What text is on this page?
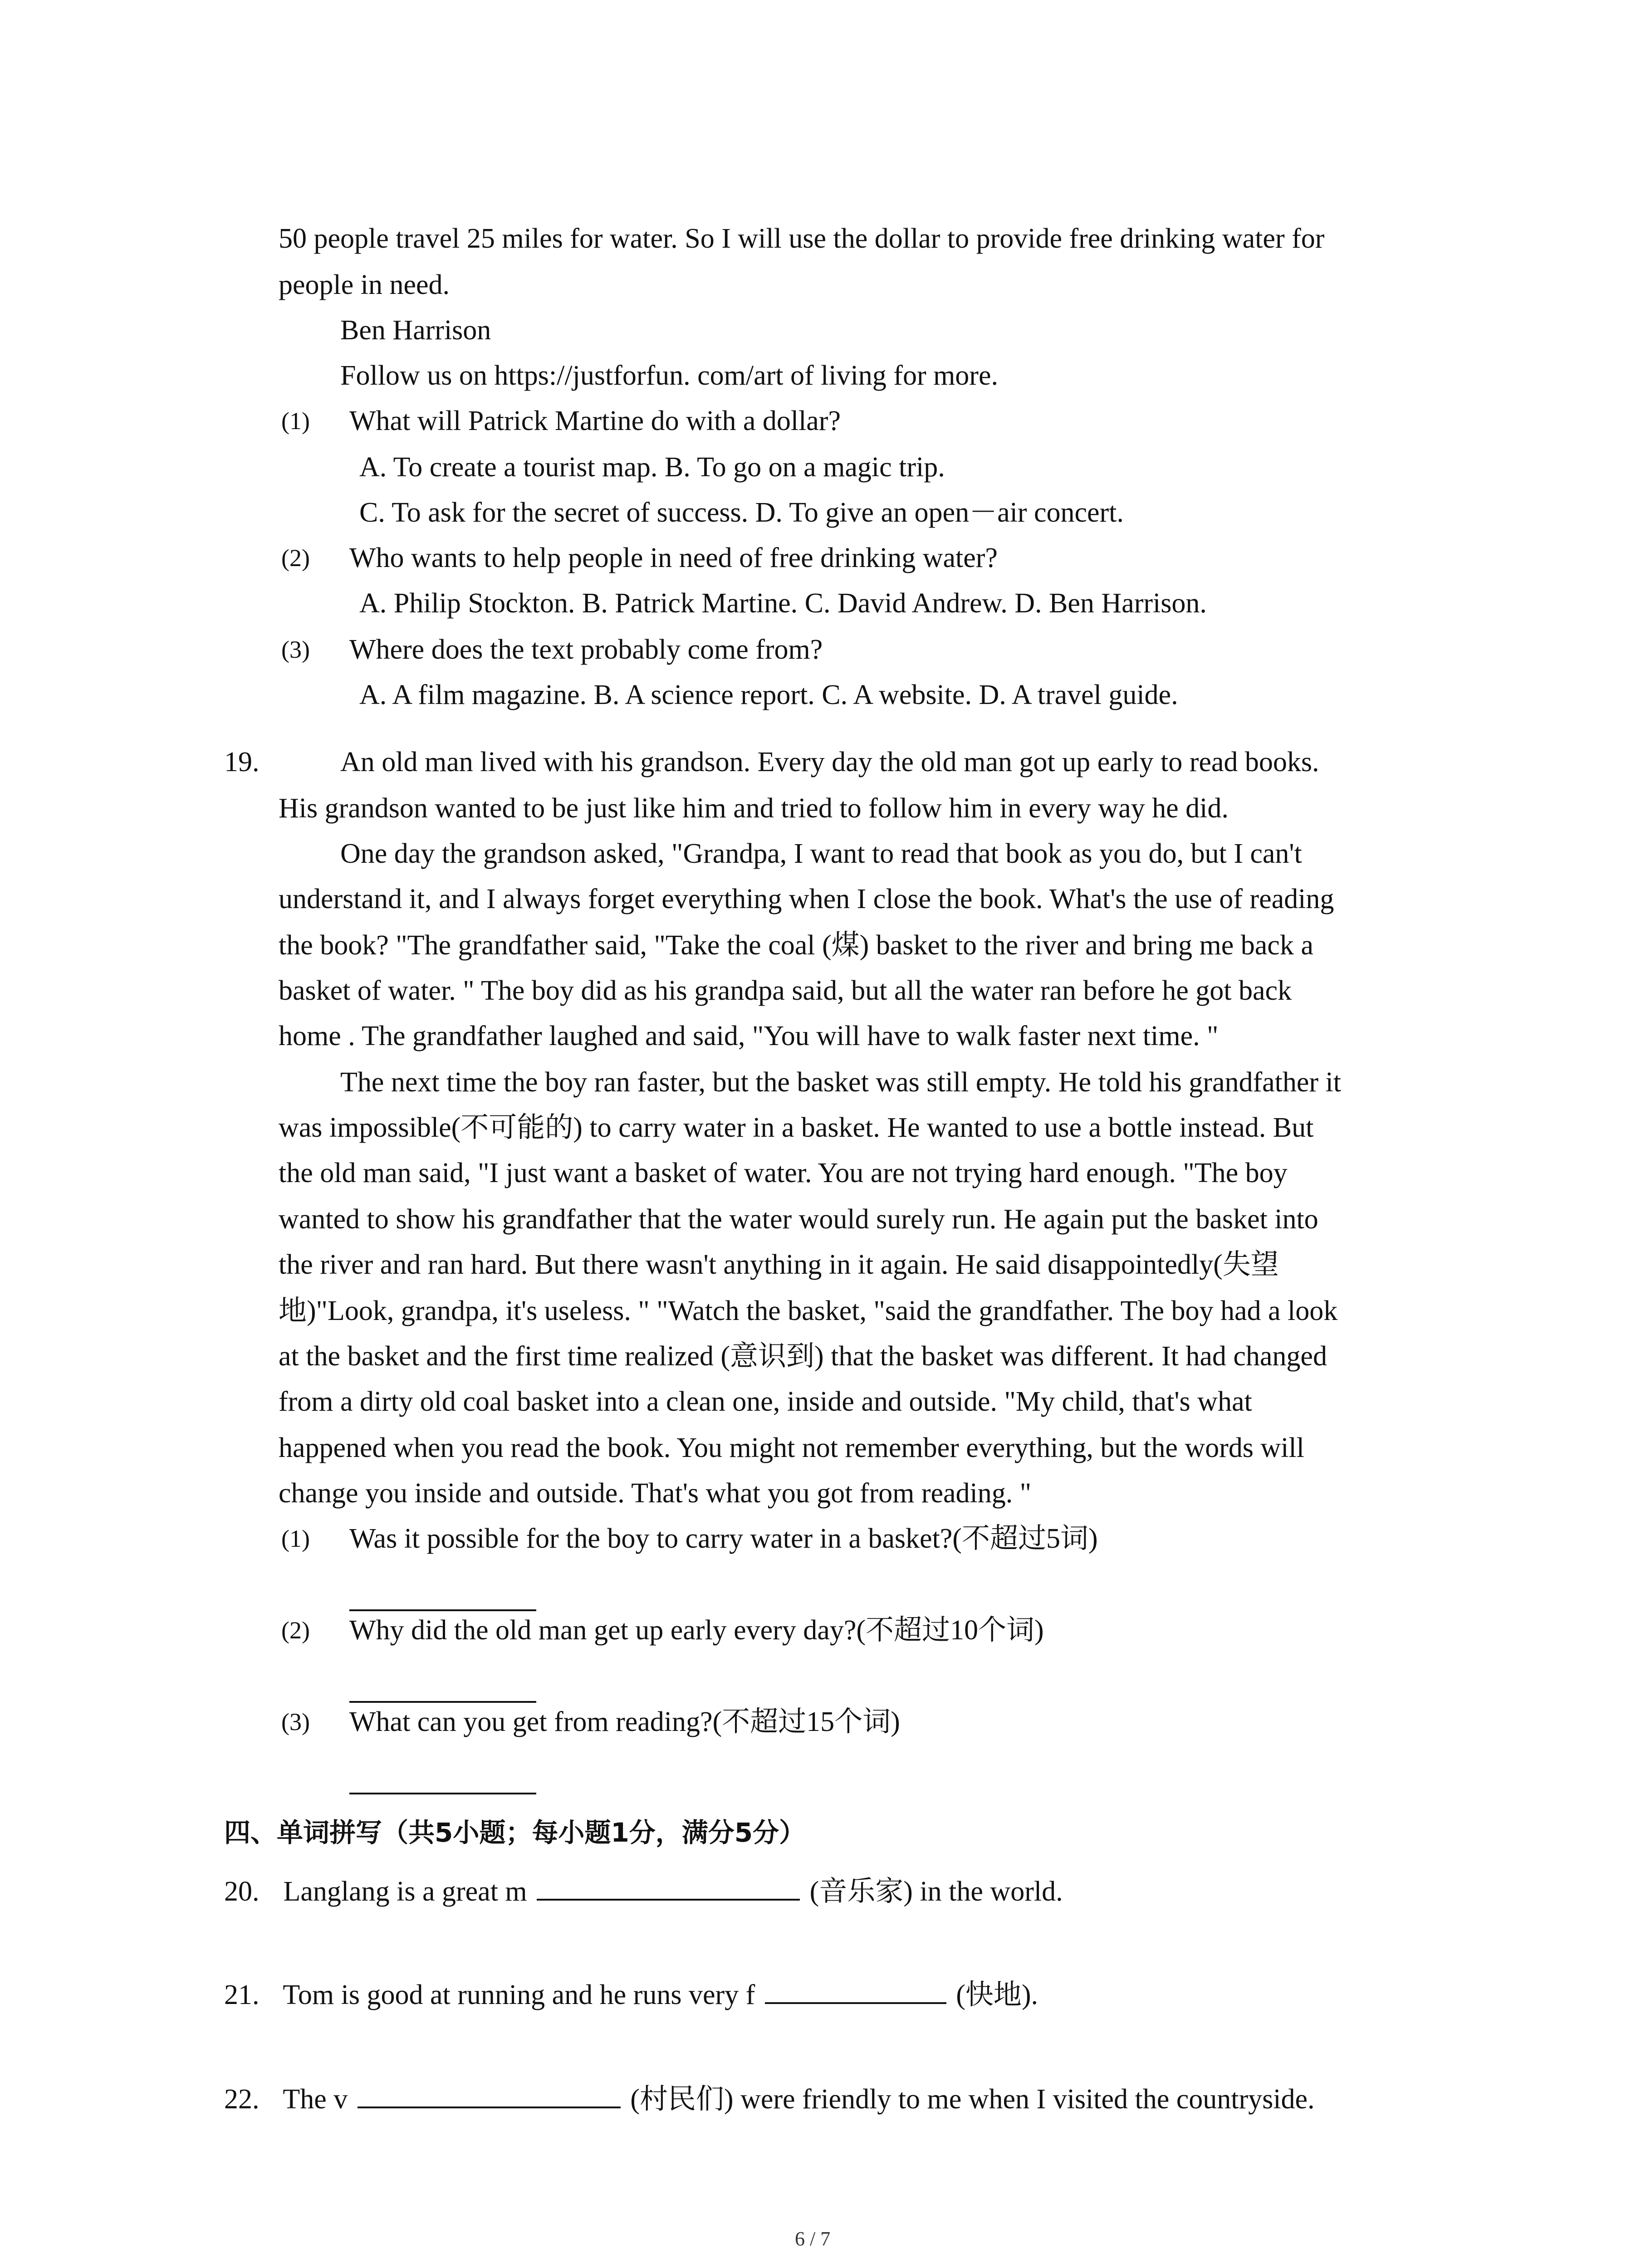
50 people travel 25 miles for water. So I will use the dollar to provide free drinking water for
people in need.
Ben Harrison
Follow us on https://justforfun. com/art of living for more.
(1) What will Patrick Martine do with a dollar?
A. To create a tourist map. B. To go on a magic trip.
C. To ask for the secret of success. D. To give an open－air concert.
(2) Who wants to help people in need of free drinking water?
A. Philip Stockton. B. Patrick Martine. C. David Andrew. D. Ben Harrison.
(3) Where does the text probably come from?
A. A film magazine. B. A science report. C. A website. D. A travel guide.
19.	An old man lived with his grandson. Every day the old man got up early to read books.
His grandson wanted to be just like him and tried to follow him in every way he did.
One day the grandson asked, "Grandpa, I want to read that book as you do, but I can't
understand it, and I always forget everything when I close the book. What's the use of reading
the book? "The grandfather said, "Take the coal (煤) basket to the river and bring me back a
basket of water. " The boy did as his grandpa said, but all the water ran before he got back
home . The grandfather laughed and said, "You will have to walk faster next time. "
The next time the boy ran faster, but the basket was still empty. He told his grandfather it
was impossible(不可能的) to carry water in a basket. He wanted to use a bottle instead. But
the old man said, "I just want a basket of water. You are not trying hard enough. "The boy
wanted to show his grandfather that the water would surely run. He again put the basket into
the river and ran hard. But there wasn't anything in it again. He said disappointedly(失望
地)"Look, grandpa, it's useless. " "Watch the basket, "said the grandfather. The boy had a look
at the basket and the first time realized (意识到) that the basket was different. It had changed
from a dirty old coal basket into a clean one, inside and outside. "My child, that's what
happened when you read the book. You might not remember everything, but the words will
change you inside and outside. That's what you got from reading. "
(1) Was it possible for the boy to carry water in a basket?(不超过5词)
(2) Why did the old man get up early every day?(不超过10个词)
(3) What can you get from reading?(不超过15个词)
四、单词拼写（共5小题；每小题1分，满分5分）
20. Langlang is a great m	(音乐家) in the world.
21. Tom is good at running and he runs very f	(快地).
22. The v	(村民们) were friendly to me when I visited the countryside.
6 / 7
